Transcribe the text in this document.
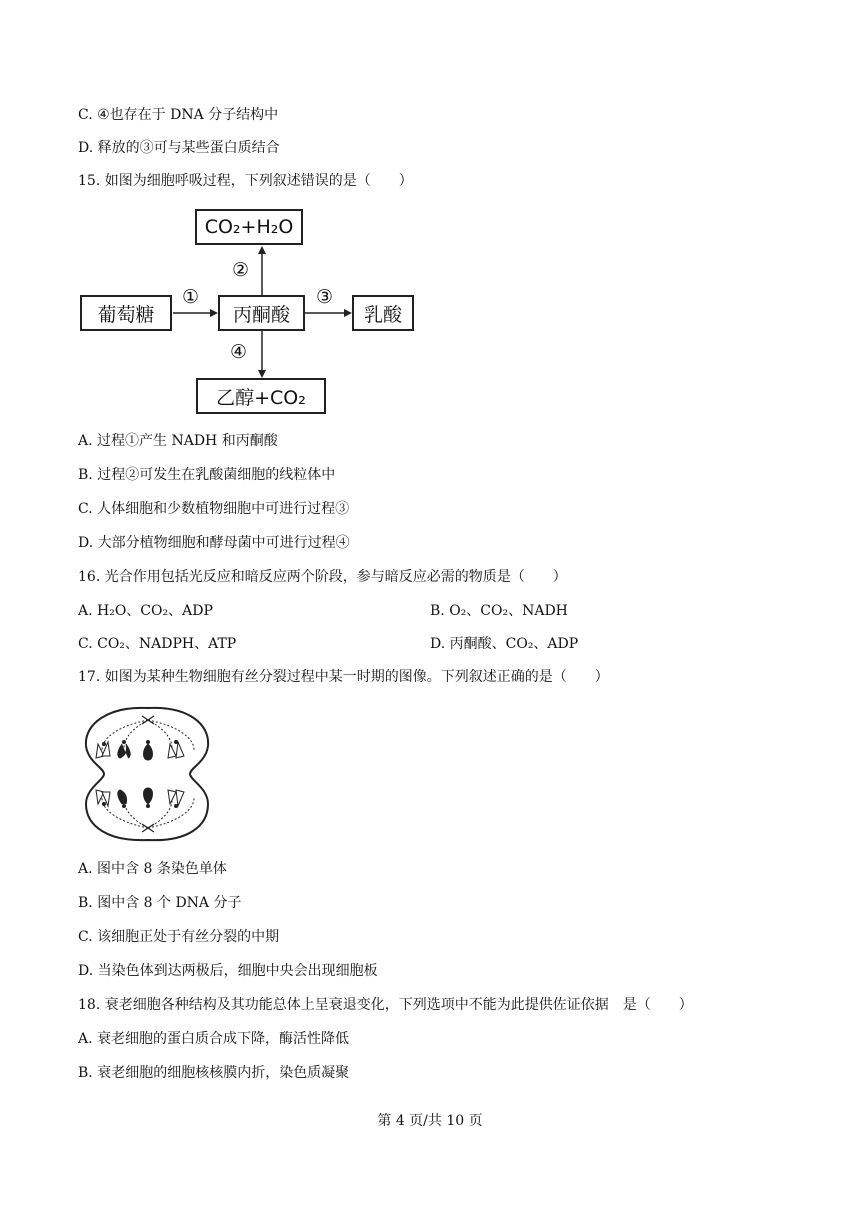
C. ④也存在于 DNA 分子结构中
D. 释放的③可与某些蛋白质结合
15. 如图为细胞呼吸过程，下列叙述错误的是（　　）
CO₂+H₂O
葡萄糖	丙酮酸	乳酸
乙醇+CO₂
①
②
③
④
A. 过程①产生 NADH 和丙酮酸
B. 过程②可发生在乳酸菌细胞的线粒体中
C. 人体细胞和少数植物细胞中可进行过程③
D. 大部分植物细胞和酵母菌中可进行过程④
16. 光合作用包括光反应和暗反应两个阶段，参与暗反应必需的物质是（　　）
A. H₂O、CO₂、ADP	B. O₂、CO₂、NADH
C. CO₂、NADPH、ATP	D. 丙酮酸、CO₂、ADP
17. 如图为某种生物细胞有丝分裂过程中某一时期的图像。下列叙述正确的是（　　）
A. 图中含 8 条染色单体
B. 图中含 8 个 DNA 分子
C. 该细胞正处于有丝分裂的中期
D. 当染色体到达两极后，细胞中央会出现细胞板
18. 衰老细胞各种结构及其功能总体上呈衰退变化，下列选项中不能为此提供佐证依据　是（　　）
A. 衰老细胞的蛋白质合成下降，酶活性降低
B. 衰老细胞的细胞核核膜内折，染色质凝聚
第 4 页/共 10 页
